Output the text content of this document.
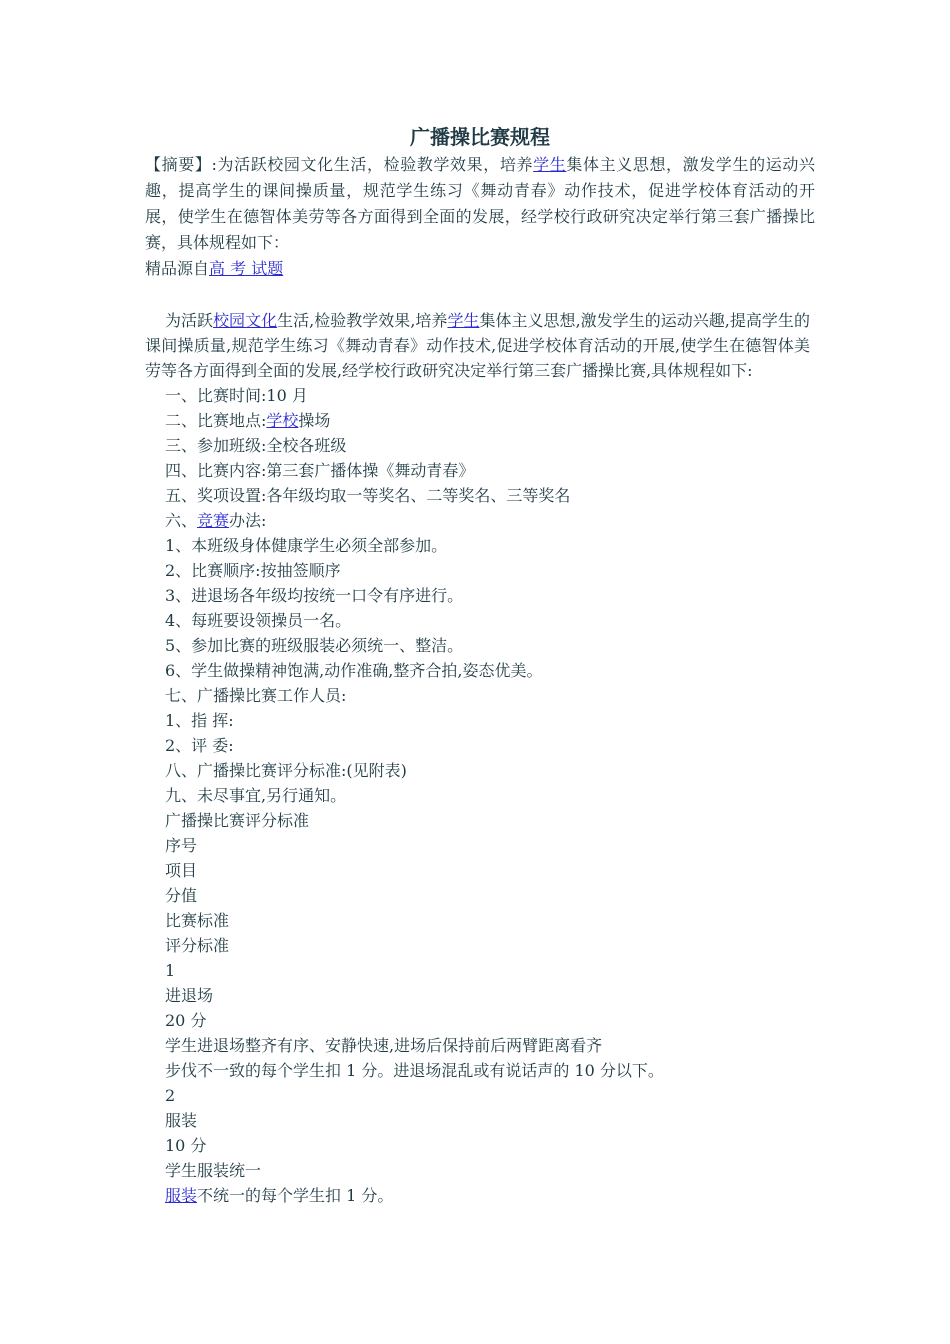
广播操比赛规程

【摘要】:为活跃校园文化生活，检验教学效果，培养学生集体主义思想，激发学生的运动兴趣，提高学生的课间操质量，规范学生练习《舞动青春》动作技术，促进学校体育活动的开展，使学生在德智体美劳等各方面得到全面的发展，经学校行政研究决定举行第三套广播操比赛，具体规程如下：

精品源自高 考 试题

为活跃校园文化生活,检验教学效果,培养学生集体主义思想,激发学生的运动兴趣,提高学生的课间操质量,规范学生练习《舞动青春》动作技术,促进学校体育活动的开展,使学生在德智体美劳等各方面得到全面的发展,经学校行政研究决定举行第三套广播操比赛,具体规程如下:

一、比赛时间:10 月

二、比赛地点:学校操场

三、参加班级:全校各班级

四、比赛内容:第三套广播体操《舞动青春》

五、奖项设置:各年级均取一等奖名、二等奖名、三等奖名

六、竞赛办法:

1、本班级身体健康学生必须全部参加。

2、比赛顺序:按抽签顺序

3、进退场各年级均按统一口令有序进行。

4、每班要设领操员一名。

5、参加比赛的班级服装必须统一、整洁。

6、学生做操精神饱满,动作准确,整齐合拍,姿态优美。

七、广播操比赛工作人员:

1、指 挥:

2、评 委:

八、广播操比赛评分标准:(见附表)

九、未尽事宜,另行通知。

广播操比赛评分标准

序号

项目

分值

比赛标准

评分标准

1

进退场

20 分

学生进退场整齐有序、安静快速,进场后保持前后两臂距离看齐

步伐不一致的每个学生扣 1 分。进退场混乱或有说话声的 10 分以下。

2

服装

10 分

学生服装统一

服装不统一的每个学生扣 1 分。
